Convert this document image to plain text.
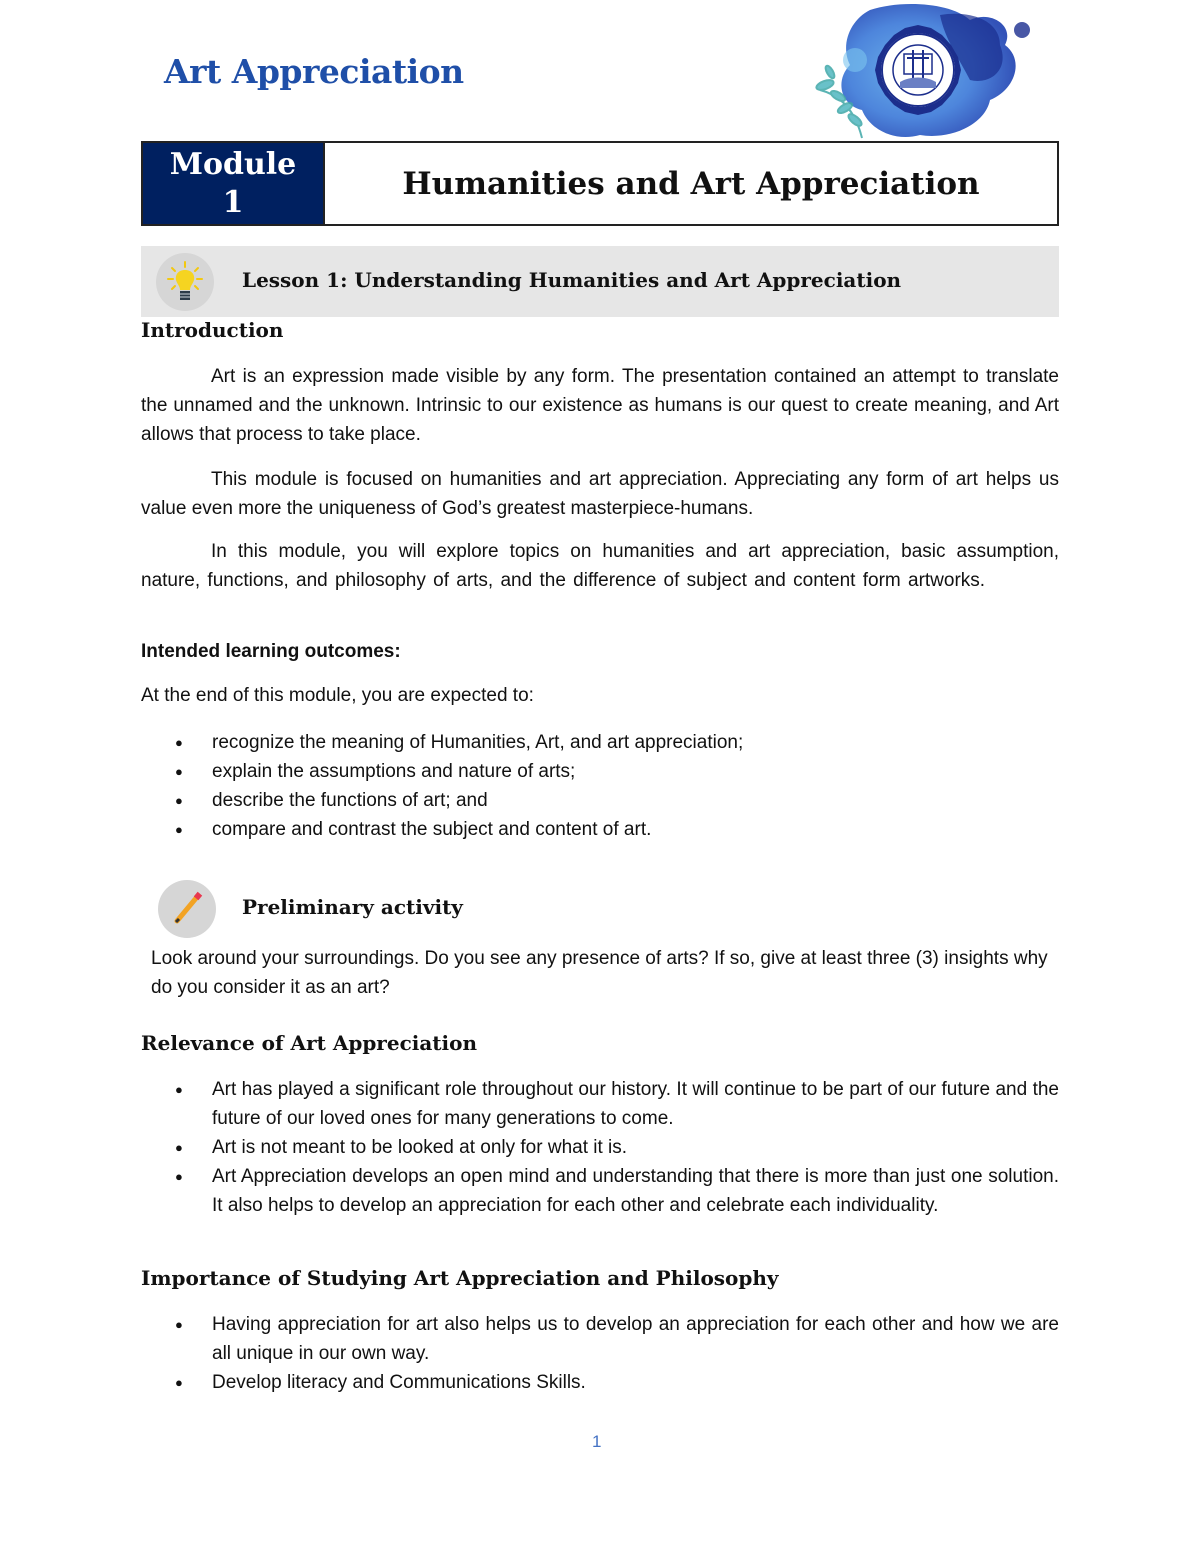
Art Appreciation
Module
1
Humanities and Art Appreciation
Lesson 1: Understanding Humanities and Art Appreciation
Introduction
Art is an expression made visible by any form. The presentation contained an attempt to translate the unnamed and the unknown. Intrinsic to our existence as humans is our quest to create meaning, and Art allows that process to take place.
This module is focused on humanities and art appreciation. Appreciating any form of art helps us value even more the uniqueness of God’s greatest masterpiece-humans.
In this module, you will explore topics on humanities and art appreciation, basic assumption, nature, functions, and philosophy of arts, and the difference of subject and content form artworks.
Intended learning outcomes:
At the end of this module, you are expected to:
● recognize the meaning of Humanities, Art, and art appreciation;
● explain the assumptions and nature of arts;
● describe the functions of art; and
● compare and contrast the subject and content of art.
Preliminary activity
Look around your surroundings. Do you see any presence of arts? If so, give at least three (3) insights why do you consider it as an art?
Relevance of Art Appreciation
● Art has played a significant role throughout our history. It will continue to be part of our future and the future of our loved ones for many generations to come.
● Art is not meant to be looked at only for what it is.
● Art Appreciation develops an open mind and understanding that there is more than just one solution. It also helps to develop an appreciation for each other and celebrate each individuality.
Importance of Studying Art Appreciation and Philosophy
● Having appreciation for art also helps us to develop an appreciation for each other and how we are all unique in our own way.
● Develop literacy and Communications Skills.
1
